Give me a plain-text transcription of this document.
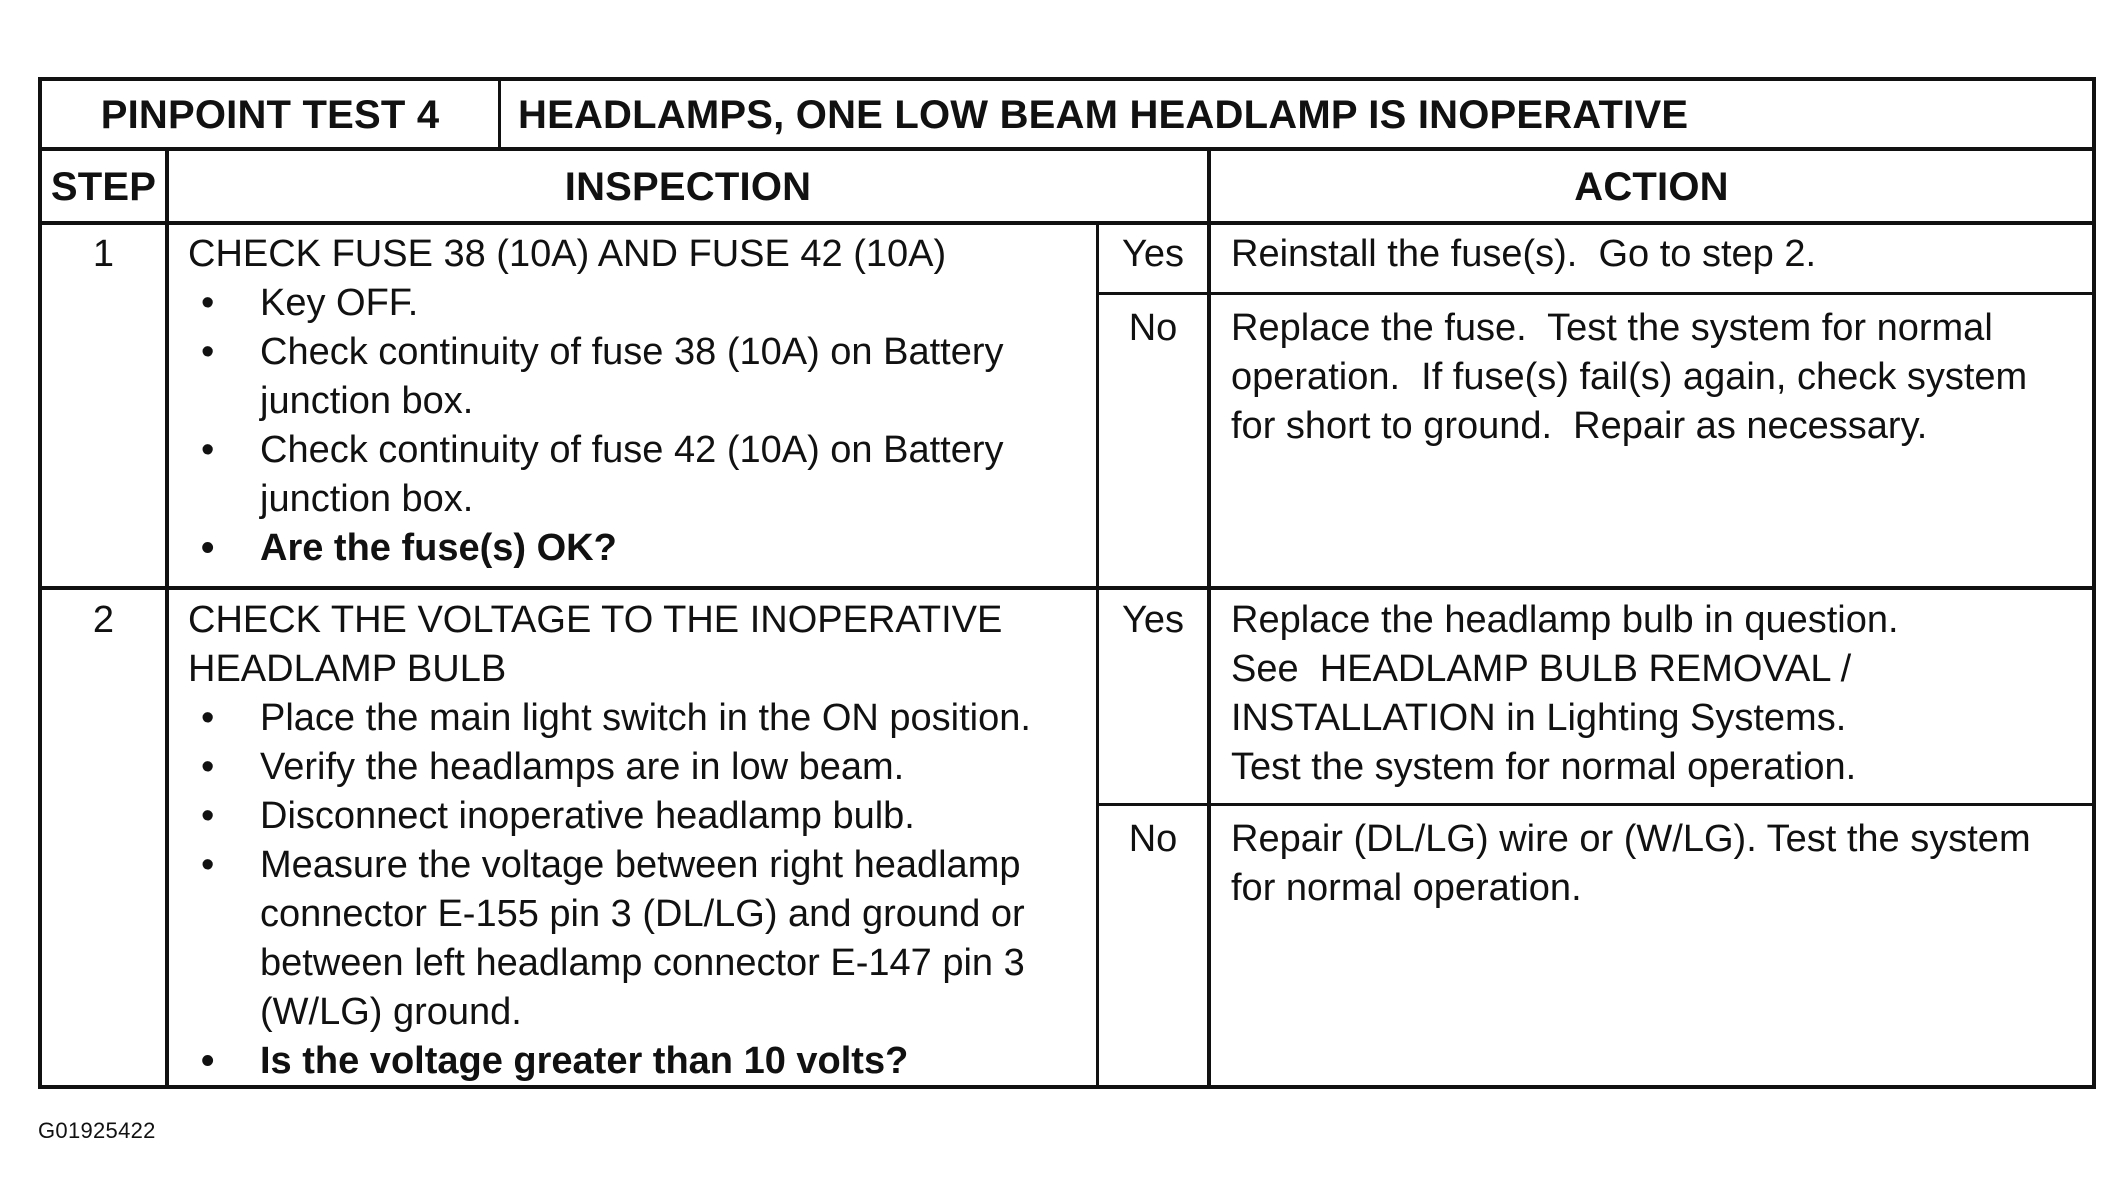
PINPOINT TEST 4	HEADLAMPS, ONE LOW BEAM HEADLAMP IS INOPERATIVE
STEP	INSPECTION	ACTION
1	CHECK FUSE 38 (10A) AND FUSE 42 (10A)
• Key OFF.
• Check continuity of fuse 38 (10A) on Battery junction box.
• Check continuity of fuse 42 (10A) on Battery junction box.
• Are the fuse(s) OK?
Yes	Reinstall the fuse(s).  Go to step 2.
No	Replace the fuse.  Test the system for normal operation.  If fuse(s) fail(s) again, check system for short to ground.  Repair as necessary.
2	CHECK THE VOLTAGE TO THE INOPERATIVE HEADLAMP BULB
• Place the main light switch in the ON position.
• Verify the headlamps are in low beam.
• Disconnect inoperative headlamp bulb.
• Measure the voltage between right headlamp connector E-155 pin 3 (DL/LG) and ground or between left headlamp connector E-147 pin 3 (W/LG) ground.
• Is the voltage greater than 10 volts?
Yes	Replace the headlamp bulb in question.
See  HEADLAMP BULB REMOVAL /
INSTALLATION in Lighting Systems.
Test the system for normal operation.
No	Repair (DL/LG) wire or (W/LG). Test the system for normal operation.
G01925422
